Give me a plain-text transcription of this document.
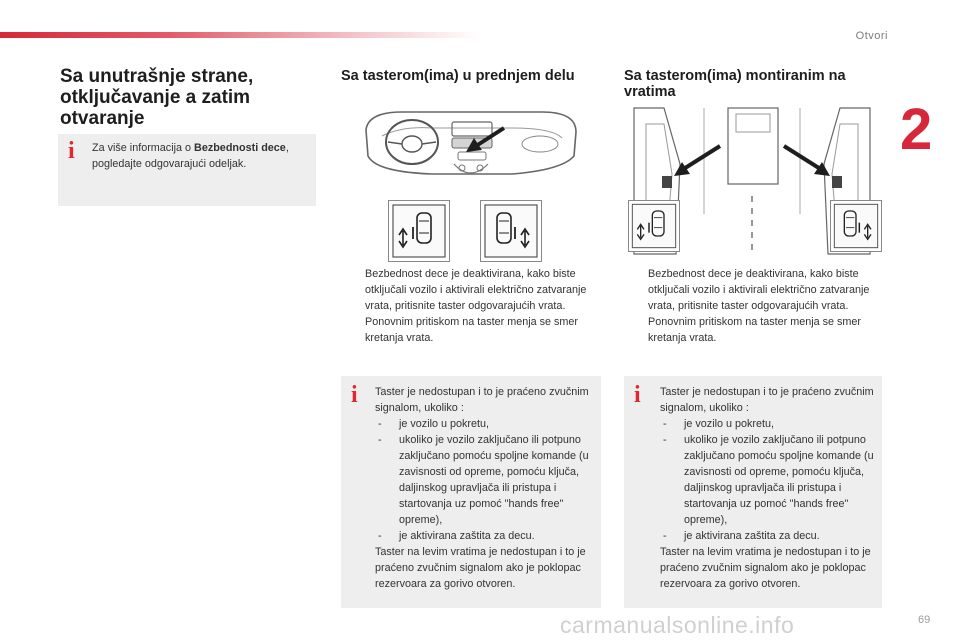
Otvori
2
Sa unutrašnje strane, otključavanje a zatim otvaranje
i Za više informacija o Bezbednosti dece, pogledajte odgovarajući odeljak.
Sa tasterom(ima) u prednjem delu
Bezbednost dece je deaktivirana, kako biste otključali vozilo i aktivirali električno zatvaranje vrata, pritisnite taster odgovarajućih vrata.
Ponovnim pritiskom na taster menja se smer kretanja vrata.
i Taster je nedostupan i to je praćeno zvučnim signalom, ukoliko :
- je vozilo u pokretu,
- ukoliko je vozilo zaključano ili potpuno zaključano pomoću spoljne komande (u zavisnosti od opreme, pomoću ključa, daljinskog upravljača ili pristupa i startovanja uz pomoć "hands free" opreme),
- je aktivirana zaštita za decu.
Taster na levim vratima je nedostupan i to je praćeno zvučnim signalom ako je poklopac rezervoara za gorivo otvoren.
Sa tasterom(ima) montiranim na vratima
Bezbednost dece je deaktivirana, kako biste otključali vozilo i aktivirali električno zatvaranje vrata, pritisnite taster odgovarajućih vrata.
Ponovnim pritiskom na taster menja se smer kretanja vrata.
i Taster je nedostupan i to je praćeno zvučnim signalom, ukoliko :
- je vozilo u pokretu,
- ukoliko je vozilo zaključano ili potpuno zaključano pomoću spoljne komande (u zavisnosti od opreme, pomoću ključa, daljinskog upravljača ili pristupa i startovanja uz pomoć "hands free" opreme),
- je aktivirana zaštita za decu.
Taster na levim vratima je nedostupan i to je praćeno zvučnim signalom ako je poklopac rezervoara za gorivo otvoren.
carmanualsonline.info	69
